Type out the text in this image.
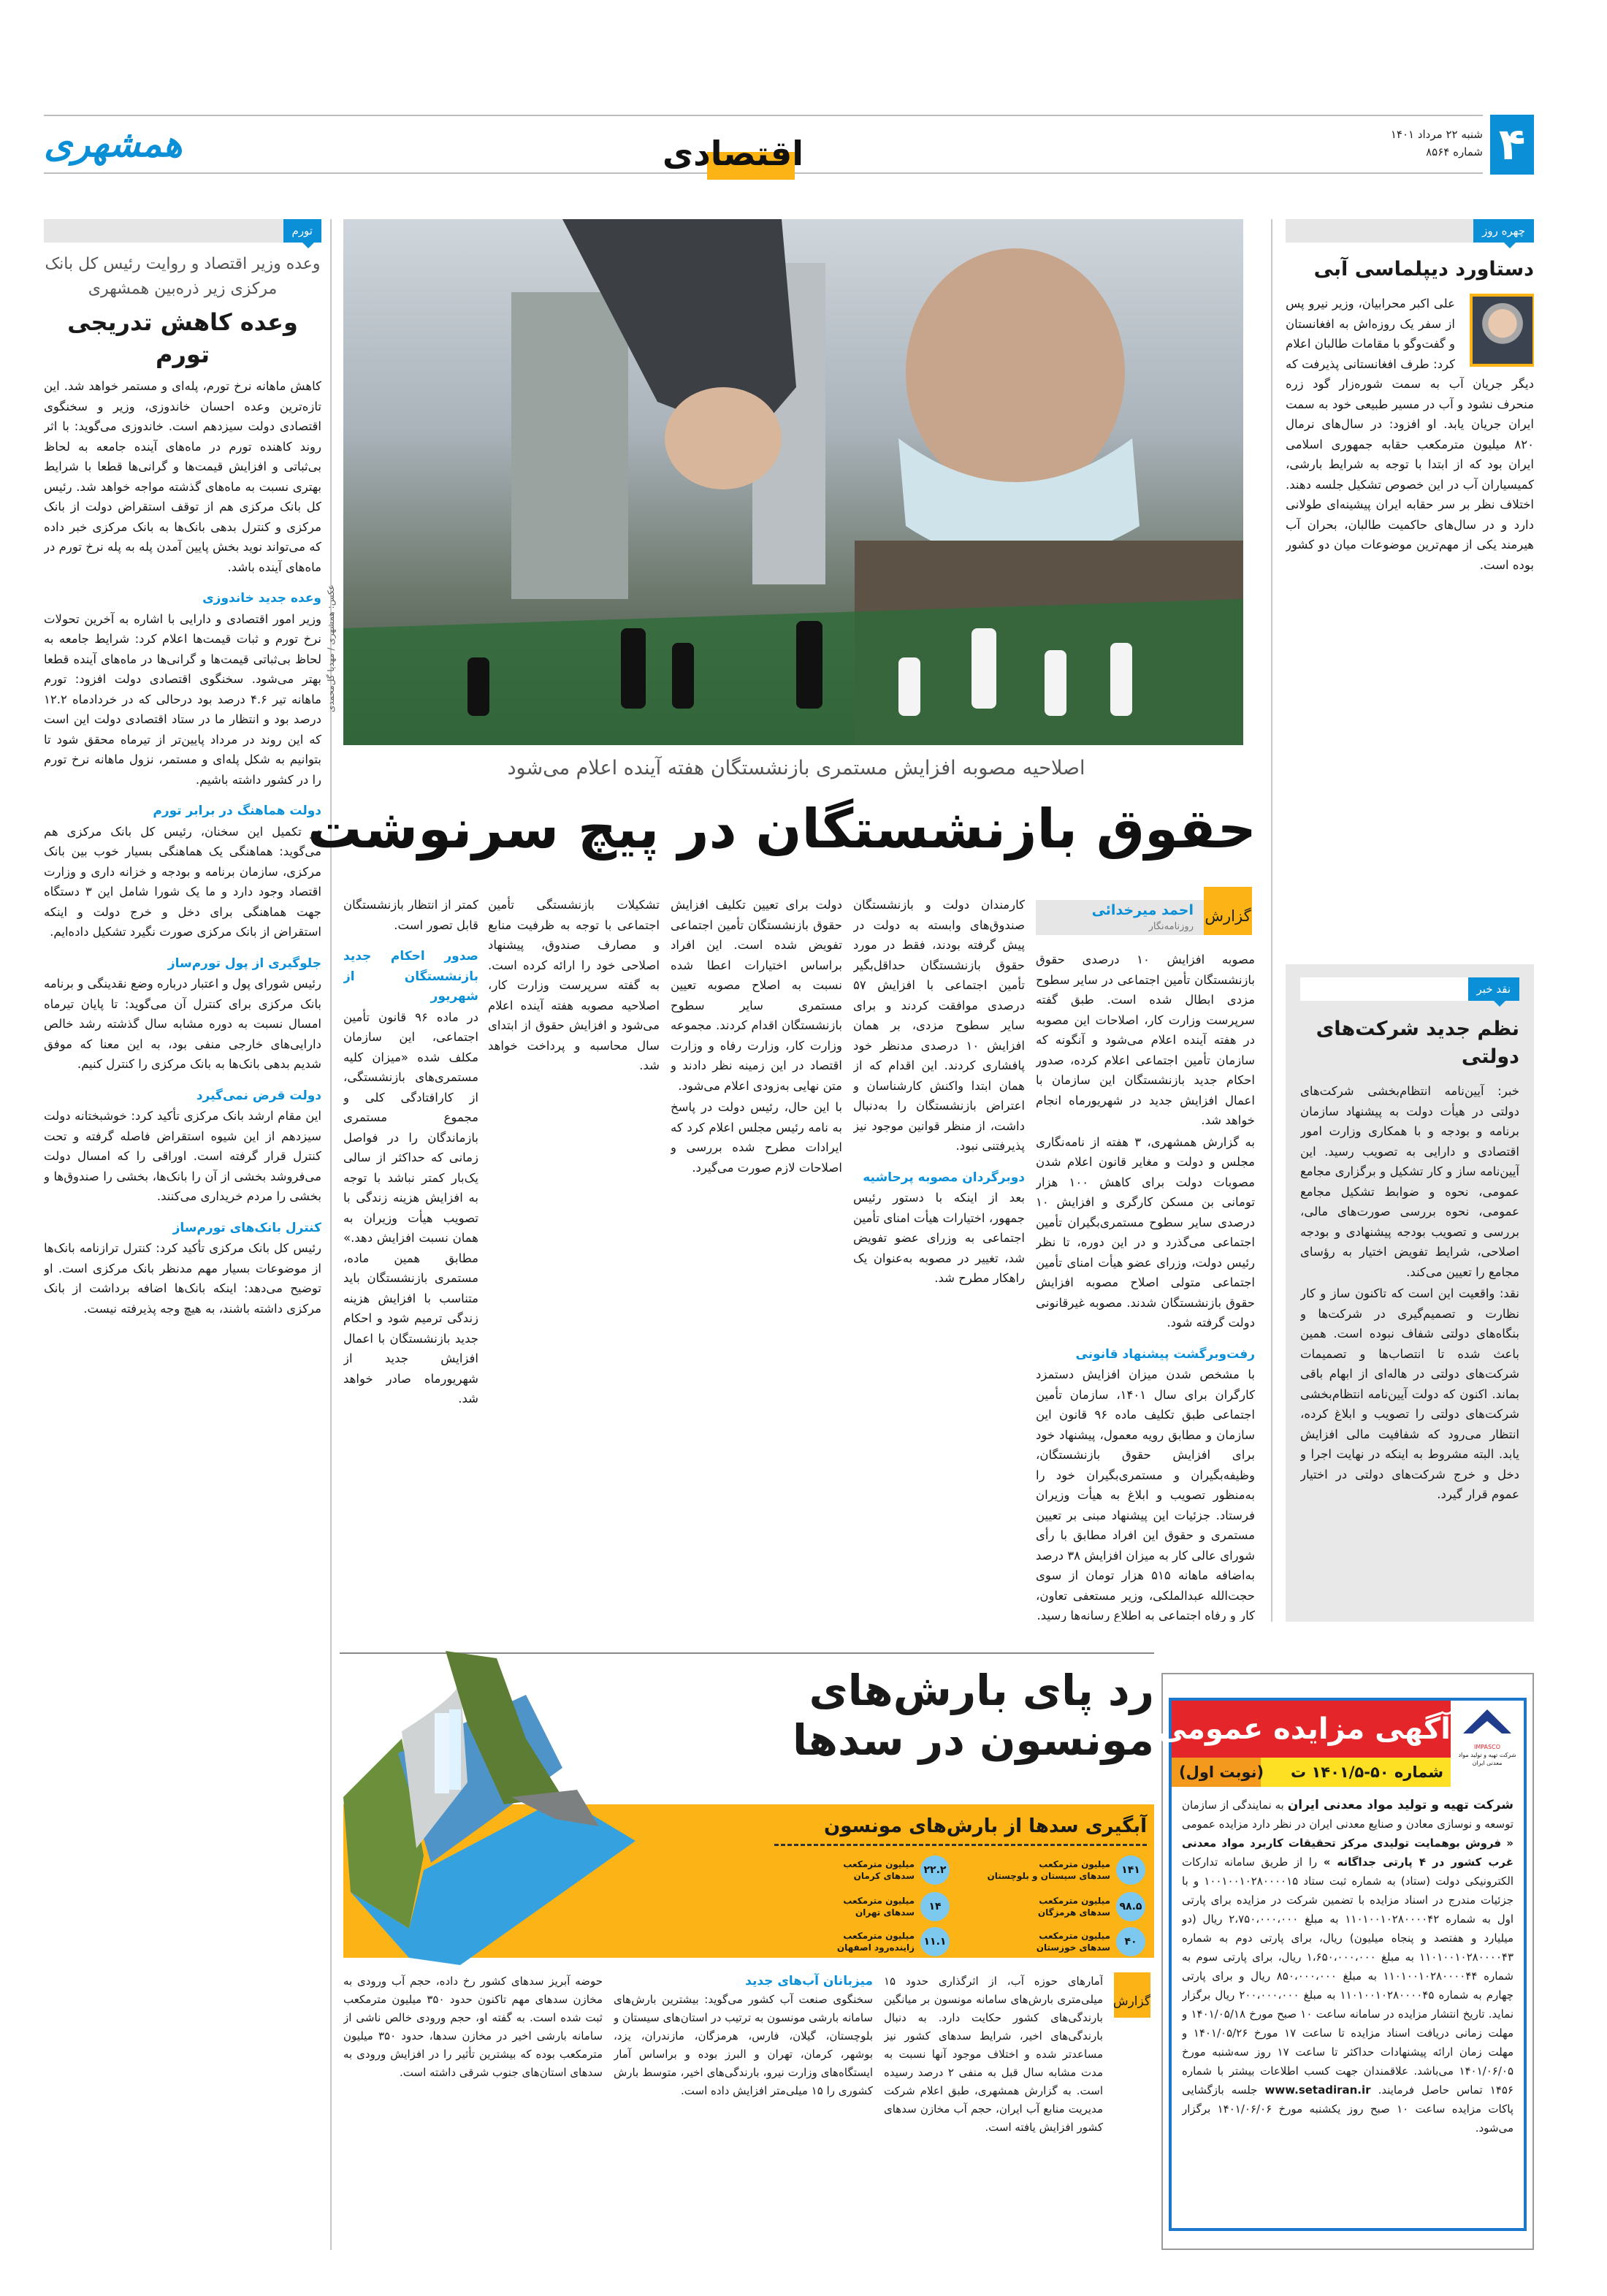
۴
شنبه ۲۲ مرداد ۱۴۰۱
شماره ۸۵۶۴
اقتصادی
همشهری
تورم
وعده وزیر اقتصاد و روایت رئیس کل بانک مرکزی زیر ذره‌بین همشهری
وعده کاهش تدریجی تورم

کاهش ماهانه نرخ تورم، پله‌ای و مستمر خواهد شد. این تازه‌ترین وعده احسان خاندوزی، وزیر و سخنگوی اقتصادی دولت سیزدهم است. خاندوزی می‌گوید: با اثر روند کاهنده تورم در ماه‌های آینده جامعه به لحاظ بی‌ثباتی و افزایش قیمت‌ها و گرانی‌ها قطعا با شرایط بهتری نسبت به ماه‌های گذشته مواجه خواهد شد. رئیس کل بانک مرکزی هم از توقف استقراض دولت از بانک مرکزی و کنترل بدهی بانک‌ها به بانک مرکزی خبر داده که می‌تواند نوید بخش پایین آمدن پله به پله نرخ تورم در ماه‌های آینده باشد.

وعده جدید خاندوزی

وزیر امور اقتصادی و دارایی با اشاره به آخرین تحولات نرخ تورم و ثبات قیمت‌ها اعلام کرد: شرایط جامعه به لحاظ بی‌ثباتی قیمت‌ها و گرانی‌ها در ماه‌های آینده قطعا بهتر می‌شود. سخنگوی اقتصادی دولت افزود: تورم ماهانه تیر ۴.۶ درصد بود درحالی که در خردادماه ۱۲.۲ درصد بود و انتظار ما در ستاد اقتصادی دولت این است که این روند در مرداد پایین‌تر از تیرماه محقق شود تا بتوانیم به شکل پله‌ای و مستمر، نزول ماهانه نرخ تورم را در کشور داشته باشیم.

دولت هماهنگ در برابر تورم

در تکمیل این سخنان، رئیس کل بانک مرکزی هم می‌گوید: هماهنگی یک هماهنگی بسیار خوب بین بانک مرکزی، سازمان برنامه و بودجه و خزانه داری و وزارت اقتصاد وجود دارد و ما یک شورا شامل این ۳ دستگاه جهت هماهنگی برای دخل و خرج دولت و اینکه استقراض از بانک مرکزی صورت نگیرد تشکیل داده‌ایم.

جلوگیری از پول تورم‌ساز

رئیس شورای پول و اعتبار درباره وضع نقدینگی و برنامه بانک مرکزی برای کنترل آن می‌گوید: تا پایان تیرماه امسال نسبت به دوره مشابه سال گذشته رشد خالص دارایی‌های خارجی منفی بود، به این معنا که موفق شدیم بدهی بانک‌ها به بانک مرکزی را کنترل کنیم.

دولت قرض نمی‌گیرد

این مقام ارشد بانک مرکزی تأکید کرد: خوشبختانه دولت سیزدهم از این شیوه استقراض فاصله گرفته و تحت کنترل قرار گرفته است. اوراقی را که امسال دولت می‌فروشد بخشی از آن را بانک‌ها، بخشی را صندوق‌ها و بخشی را مردم خریداری می‌کنند.

کنترل بانک‌های تورم‌ساز

رئیس کل بانک مرکزی تأکید کرد: کنترل ترازنامه بانک‌ها از موضوعات بسیار مهم مدنظر بانک مرکزی است. او توضیح می‌دهد: اینکه بانک‌ها اضافه برداشت از بانک مرکزی داشته باشند، به هیچ وجه پذیرفته نیست.

عکس: همشهری / مهدیا گل‌محمدی
اصلاحیه مصوبه افزایش مستمری بازنشستگان هفته آینده اعلام می‌شود
حقوق بازنشستگان در پیچ سرنوشت
گزارش
احمد میرخدائی
روزنامه‌نگار

مصوبه افزایش ۱۰ درصدی حقوق بازنشستگان تأمین اجتماعی در سایر سطوح مزدی ابطال شده است. طبق گفته سرپرست وزارت کار، اصلاحات این مصوبه در هفته آینده اعلام می‌شود و آنگونه که سازمان تأمین اجتماعی اعلام کرده، صدور احکام جدید بازنشستگان این سازمان با اعمال افزایش جدید در شهریورماه انجام خواهد شد.

به گزارش همشهری، ۳ هفته از نامه‌نگاری مجلس و دولت و مغایر قانون اعلام شدن مصوبات دولت برای کاهش ۱۰۰ هزار تومانی بن مسکن کارگری و افزایش ۱۰ درصدی سایر سطوح مستمری‌بگیران تأمین اجتماعی می‌گذرد و در این دوره، تا نظر رئیس دولت، وزرای عضو هیأت امنای تأمین اجتماعی متولی اصلاح مصوبه افزایش حقوق بازنشستگان شدند. مصوبه غیرقانونی دولت گرفته شود.

رفت‌وبرگشت پیشنهاد قانونی

با مشخص شدن میزان افزایش دستمزد کارگران برای سال ۱۴۰۱، سازمان تأمین اجتماعی طبق تکلیف ماده ۹۶ قانون این سازمان و مطابق رویه معمول، پیشنهاد خود برای افزایش حقوق بازنشستگان، وظیفه‌بگیران و مستمری‌بگیران خود را به‌منظور تصویب و ابلاغ به هیأت وزیران فرستاد. جزئیات این پیشنهاد مبنی بر تعیین مستمری و حقوق این افراد مطابق با رأی شورای عالی کار به میزان افزایش ۳۸ درصد به‌اضافه ماهانه ۵۱۵ هزار تومان از سوی حجت‌الله عبدالملکی، وزیر مستعفی تعاون، کار و رفاه اجتماعی به اطلاع رسانه‌ها رسید.

کارمندان دولت و بازنشستگان صندوق‌های وابسته به دولت در پیش گرفته بودند، فقط در مورد حقوق بازنشستگان حداقل‌بگیر تأمین اجتماعی با افزایش ۵۷ درصدی موافقت کردند و برای سایر سطوح مزدی، بر همان افزایش ۱۰ درصدی مدنظر خود پافشاری کردند. این اقدام که از همان ابتدا واکنش کارشناسان و اعتراض بازنشستگان را به‌دنبال داشت، از منظر قوانین موجود نیز پذیرفتنی نبود.

دوبرگردان مصوبه پرحاشیه

بعد از اینکه با دستور رئیس جمهور، اختیارات هیأت امنای تأمین اجتماعی به وزرای عضو تفویض شد، تغییر در مصوبه به‌عنوان یک راهکار مطرح شد.

دولت برای تعیین تکلیف افزایش حقوق بازنشستگان تأمین اجتماعی تفویض شده است. این افراد براساس اختیارات اعطا شده نسبت به اصلاح مصوبه تعیین مستمری سایر سطوح بازنشستگان اقدام کردند. مجموعه وزارت کار، وزارت رفاه و وزارت اقتصاد در این زمینه نظر دادند و متن نهایی به‌زودی اعلام می‌شود.

با این حال، رئیس دولت در پاسخ به نامه رئیس مجلس اعلام کرد که ایرادات مطرح شده بررسی و اصلاحات لازم صورت می‌گیرد.

تشکیلات بازنشستگی تأمین اجتماعی با توجه به ظرفیت منابع و مصارف صندوق، پیشنهاد اصلاحی خود را ارائه کرده است. به گفته سرپرست وزارت کار، اصلاحیه مصوبه هفته آینده اعلام می‌شود و افزایش حقوق از ابتدای سال محاسبه و پرداخت خواهد شد.

کمتر از انتظار بازنشستگان قابل تصور است.

صدور احکام جدید بازنشستگان از شهریور

در ماده ۹۶ قانون تأمین اجتماعی، این سازمان مکلف شده «میزان کلیه مستمری‌های بازنشستگی، از کارافتادگی کلی و مجموع مستمری بازماندگان را در فواصل زمانی که حداکثر از سالی یک‌بار کمتر نباشد با توجه به افزایش هزینه زندگی با تصویب هیأت وزیران به همان نسبت افزایش دهد.» مطابق همین ماده، مستمری بازنشستگان باید متناسب با افزایش هزینه زندگی ترمیم شود و احکام جدید بازنشستگان با اعمال افزایش جدید از شهریورماه صادر خواهد شد.

چهره روز
دستاورد دیپلماسی آبی

علی اکبر محرابیان، وزیر نیرو پس از سفر یک روزه‌اش به افغانستان و گفت‌وگو با مقامات طالبان اعلام کرد: طرف افغانستانی پذیرفت که دیگر جریان آب به سمت شوره‌زار گود زره منحرف نشود و آب در مسیر طبیعی خود به سمت ایران جریان یابد. او افزود: در سال‌های نرمال ۸۲۰ میلیون مترمکعب حقابه جمهوری اسلامی ایران بود که از ابتدا با توجه به شرایط بارشی، کمیسیاران آب در این خصوص تشکیل جلسه دهند. اختلاف نظر بر سر حقابه ایران پیشینه‌ای طولانی دارد و در سال‌های حاکمیت طالبان، بحران آب هیرمند یکی از مهم‌ترین موضوعات میان دو کشور بوده است.

نقد خبر
نظم جدید شرکت‌های دولتی

خبر: آیین‌نامه انتظام‌بخشی شرکت‌های دولتی در هیأت دولت به پیشنهاد سازمان برنامه و بودجه و با همکاری وزارت امور اقتصادی و دارایی به تصویب رسید. این آیین‌نامه ساز و کار تشکیل و برگزاری مجامع عمومی، نحوه و ضوابط تشکیل مجامع عمومی، نحوه بررسی صورت‌های مالی، بررسی و تصویب بودجه پیشنهادی و بودجه اصلاحی، شرایط تفویض اختیار به رؤسای مجامع را تعیین می‌کند.

نقد: واقعیت این است که تاکنون ساز و کار نظارت و تصمیم‌گیری در شرکت‌ها و بنگاه‌های دولتی شفاف نبوده است. همین باعث شده تا انتصاب‌ها و تصمیمات شرکت‌های دولتی در هاله‌ای از ابهام باقی بماند. اکنون که دولت آیین‌نامه انتظام‌بخشی شرکت‌های دولتی را تصویب و ابلاغ کرده، انتظار می‌رود که شفافیت مالی افزایش یابد. البته مشروط به اینکه در نهایت اجرا و دخل و خرج شرکت‌های دولتی در اختیار عموم قرار گیرد.

رد پای بارش‌های مونسون در سدها
آبگیری سدها از بارش‌های مونسون
۱۴۱
میلیون مترمکعب
سدهای سیستان و بلوچستان
۲۲.۲
میلیون مترمکعب
سدهای کرمان
۹۸.۵
میلیون مترمکعب
سدهای هرمزگان
۱۴
میلیون مترمکعب
سدهای تهران
۴۰
میلیون مترمکعب
سدهای خوزستان
۱۱.۱
میلیون مترمکعب
زاینده‌رود اصفهان
گزارش

آمارهای حوزه آب، از اثرگذاری حدود ۱۵ میلی‌متری بارش‌های سامانه مونسون بر میانگین بارندگی‌های کشور حکایت دارد. به دنبال بارندگی‌های اخیر، شرایط سدهای کشور نیز مساعدتر شده و اختلاف موجود آنها نسبت به مدت مشابه سال قبل به منفی ۲ درصد رسیده است. به گزارش همشهری، طبق اعلام شرکت مدیریت منابع آب ایران، حجم آب مخازن سدهای کشور افزایش یافته است.

میزبانان آب‌های جدید

سخنگوی صنعت آب کشور می‌گوید: بیشترین بارش‌های سامانه بارشی مونسون به ترتیب در استان‌های سیستان و بلوچستان، گیلان، فارس، هرمزگان، مازندران، یزد، بوشهر، کرمان، تهران و البرز بوده و براساس آمار ایستگاه‌های وزارت نیرو، بارندگی‌های اخیر، متوسط بارش کشوری را ۱۵ میلی‌متر افزایش داده است.

حوضه آبریز سدهای کشور رخ داده، حجم آب ورودی به مخازن سدهای مهم تاکنون حدود ۳۵۰ میلیون مترمکعب ثبت شده است. به گفته او، حجم ورودی خالص ناشی از سامانه بارشی اخیر در مخازن سدها، حدود ۳۵۰ میلیون مترمکعب بوده که بیشترین تأثیر را در افزایش ورودی به سدهای استان‌های جنوب شرقی داشته است.

آگهی مزایده عمومی
شماره ۵۰-۱۴۰۱/۵ ت
(نوبت اول)
IMPASCO
شرکت تهیه و تولید مواد معدنی ایران
شرکت تهیه و تولید مواد معدنی ایران به نمایندگی از سازمان توسعه و نوسازی معادن و صنایع معدنی ایران در نظر دارد مزایده عمومی « فروش بوهمایت تولیدی مرکز تحقیقات کاربرد مواد معدنی غرب کشور در ۴ پارتی جداگانه » را از طریق سامانه تدارکات الکترونیکی دولت (ستاد) به شماره ثبت ستاد ۱۰۰۱۰۰۱۰۲۸۰۰۰۰۱۵ و با جزئیات مندرج در اسناد مزایده با تضمین شرکت در مزایده برای پارتی اول به شماره ۱۱۰۱۰۰۱۰۲۸۰۰۰۰۴۲ به مبلغ ۲،۷۵۰،۰۰۰،۰۰۰ ریال (دو میلیارد و هفتصد و پنجاه میلیون) ریال، برای پارتی دوم به شماره ۱۱۰۱۰۰۱۰۲۸۰۰۰۰۴۳ به مبلغ ۱،۶۵۰،۰۰۰،۰۰۰ ریال، برای پارتی سوم به شماره ۱۱۰۱۰۰۱۰۲۸۰۰۰۰۴۴ به مبلغ ۸۵۰،۰۰۰،۰۰۰ ریال و برای پارتی چهارم به شماره ۱۱۰۱۰۰۱۰۲۸۰۰۰۰۴۵ به مبلغ ۲۰۰،۰۰۰،۰۰۰ ریال برگزار نماید. تاریخ انتشار مزایده در سامانه ساعت ۱۰ صبح مورخ ۱۴۰۱/۰۵/۱۸ و مهلت زمانی دریافت اسناد مزایده تا ساعت ۱۷ مورخ ۱۴۰۱/۰۵/۲۶ و مهلت زمان ارائه پیشنهادات حداکثر تا ساعت ۱۷ روز سه‌شنبه مورخ ۱۴۰۱/۰۶/۰۵ می‌باشد. علاقمندان جهت کسب اطلاعات بیشتر با شماره ۱۴۵۶ تماس حاصل فرمایند. www.setadiran.ir جلسه بازگشایی پاکات مزایده ساعت ۱۰ صبح روز یکشنبه مورخ ۱۴۰۱/۰۶/۰۶ برگزار می‌شود.
